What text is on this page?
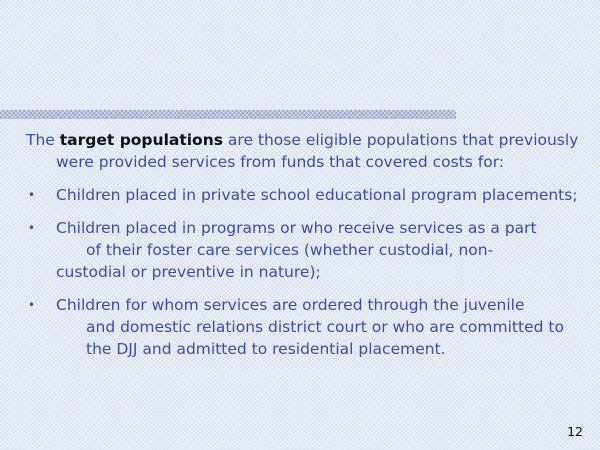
The target populations are those eligible populations that previously were provided services from funds that covered costs for:

• Children placed in private school educational program placements;
• Children placed in programs or who receive services as a part
of their foster care services (whether custodial, non-
custodial or preventive in nature);
• Children for whom services are ordered through the juvenile
and domestic relations district court or who are committed to the DJJ and admitted to residential placement.
12
